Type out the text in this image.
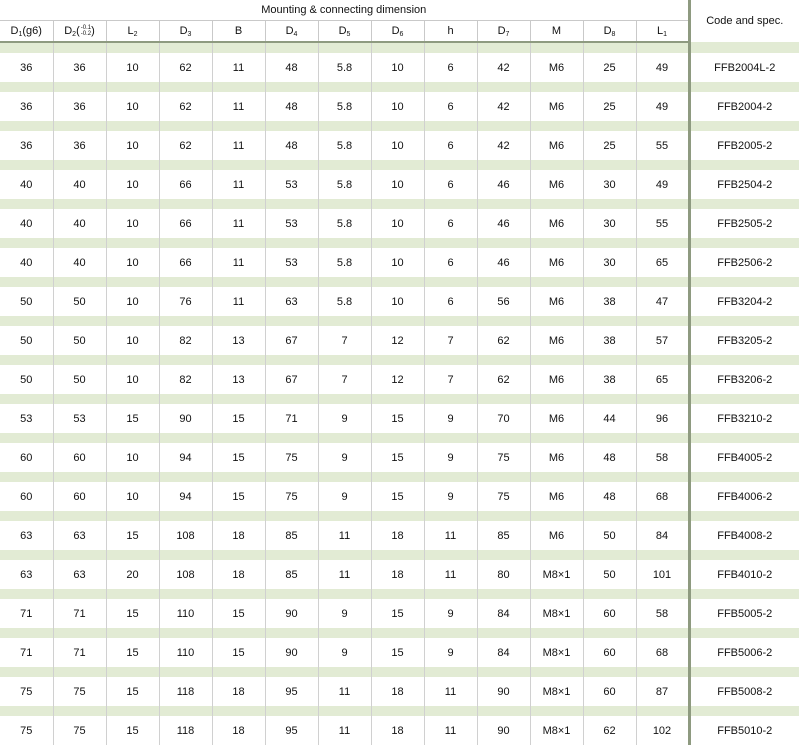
Mounting & connecting dimension													Code and spec.
$D_1(g6)$	$D_2$( -0.1
-0.2 )	$L_2$	$D_3$	B	$D_4$	$D_5$	$D_6$	h	$D_7$	M	$D_8$	$L_1$

36	36	10	62	11	48	5.8	10	6	42	M6	25	49	FFB2004L-2

36	36	10	62	11	48	5.8	10	6	42	M6	25	49	FFB2004-2

36	36	10	62	11	48	5.8	10	6	42	M6	25	55	FFB2005-2

40	40	10	66	11	53	5.8	10	6	46	M6	30	49	FFB2504-2

40	40	10	66	11	53	5.8	10	6	46	M6	30	55	FFB2505-2

40	40	10	66	11	53	5.8	10	6	46	M6	30	65	FFB2506-2

50	50	10	76	11	63	5.8	10	6	56	M6	38	47	FFB3204-2

50	50	10	82	13	67	7	12	7	62	M6	38	57	FFB3205-2

50	50	10	82	13	67	7	12	7	62	M6	38	65	FFB3206-2

53	53	15	90	15	71	9	15	9	70	M6	44	96	FFB3210-2

60	60	10	94	15	75	9	15	9	75	M6	48	58	FFB4005-2

60	60	10	94	15	75	9	15	9	75	M6	48	68	FFB4006-2

63	63	15	108	18	85	11	18	11	85	M6	50	84	FFB4008-2

63	63	20	108	18	85	11	18	11	80	M8×1	50	101	FFB4010-2

71	71	15	110	15	90	9	15	9	84	M8×1	60	58	FFB5005-2

71	71	15	110	15	90	9	15	9	84	M8×1	60	68	FFB5006-2

75	75	15	118	18	95	11	18	11	90	M8×1	60	87	FFB5008-2

75	75	15	118	18	95	11	18	11	90	M8×1	62	102	FFB5010-2
